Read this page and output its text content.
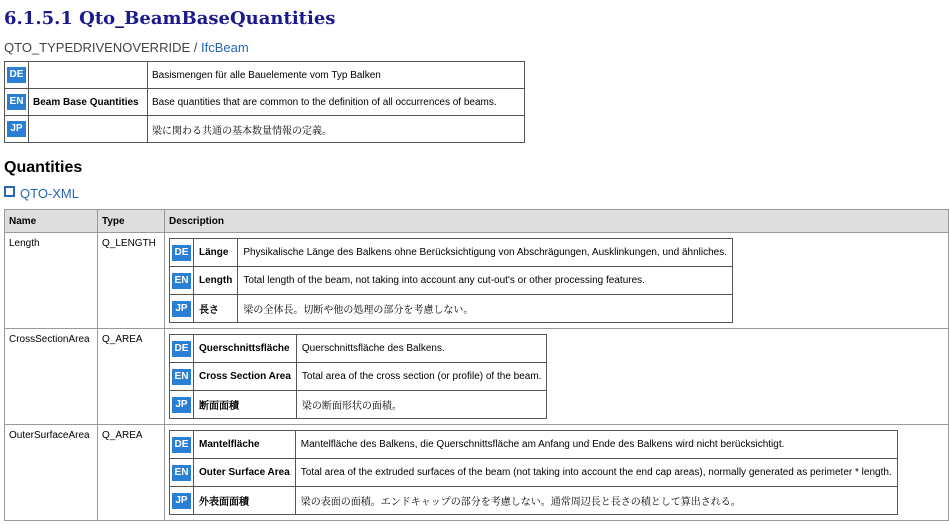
6.1.5.1 Qto_BeamBaseQuantities
QTO_TYPEDRIVENOVERRIDE / IfcBeam
DE		Basismengen für alle Bauelemente vom Typ Balken
EN	Beam Base Quantities	Base quantities that are common to the definition of all occurrences of beams.
JP		梁に関わる共通の基本数量情報の定義。
Quantities
QTO-XML
Name	Type	Description
Length	Q_LENGTH	
DE	Länge	Physikalische Länge des Balkens ohne Berücksichtigung von Abschrägungen, Ausklinkungen, und ähnliches.
EN	Length	Total length of the beam, not taking into account any cut-out's or other processing features.
JP	長さ	梁の全体長。切断や他の処理の部分を考慮しない。

CrossSectionArea	Q_AREA	
DE	Querschnittsfläche	Querschnittsfläche des Balkens.
EN	Cross Section Area	Total area of the cross section (or profile) of the beam.
JP	断面面積	梁の断面形状の面積。

OuterSurfaceArea	Q_AREA	
DE	Mantelfläche	Mantelfläche des Balkens, die Querschnittsfläche am Anfang und Ende des Balkens wird nicht berücksichtigt.
EN	Outer Surface Area	Total area of the extruded surfaces of the beam (not taking into account the end cap areas), normally generated as perimeter * length.
JP	外表面面積	梁の表面の面積。エンドキャップの部分を考慮しない。通常周辺長と長さの積として算出される。
